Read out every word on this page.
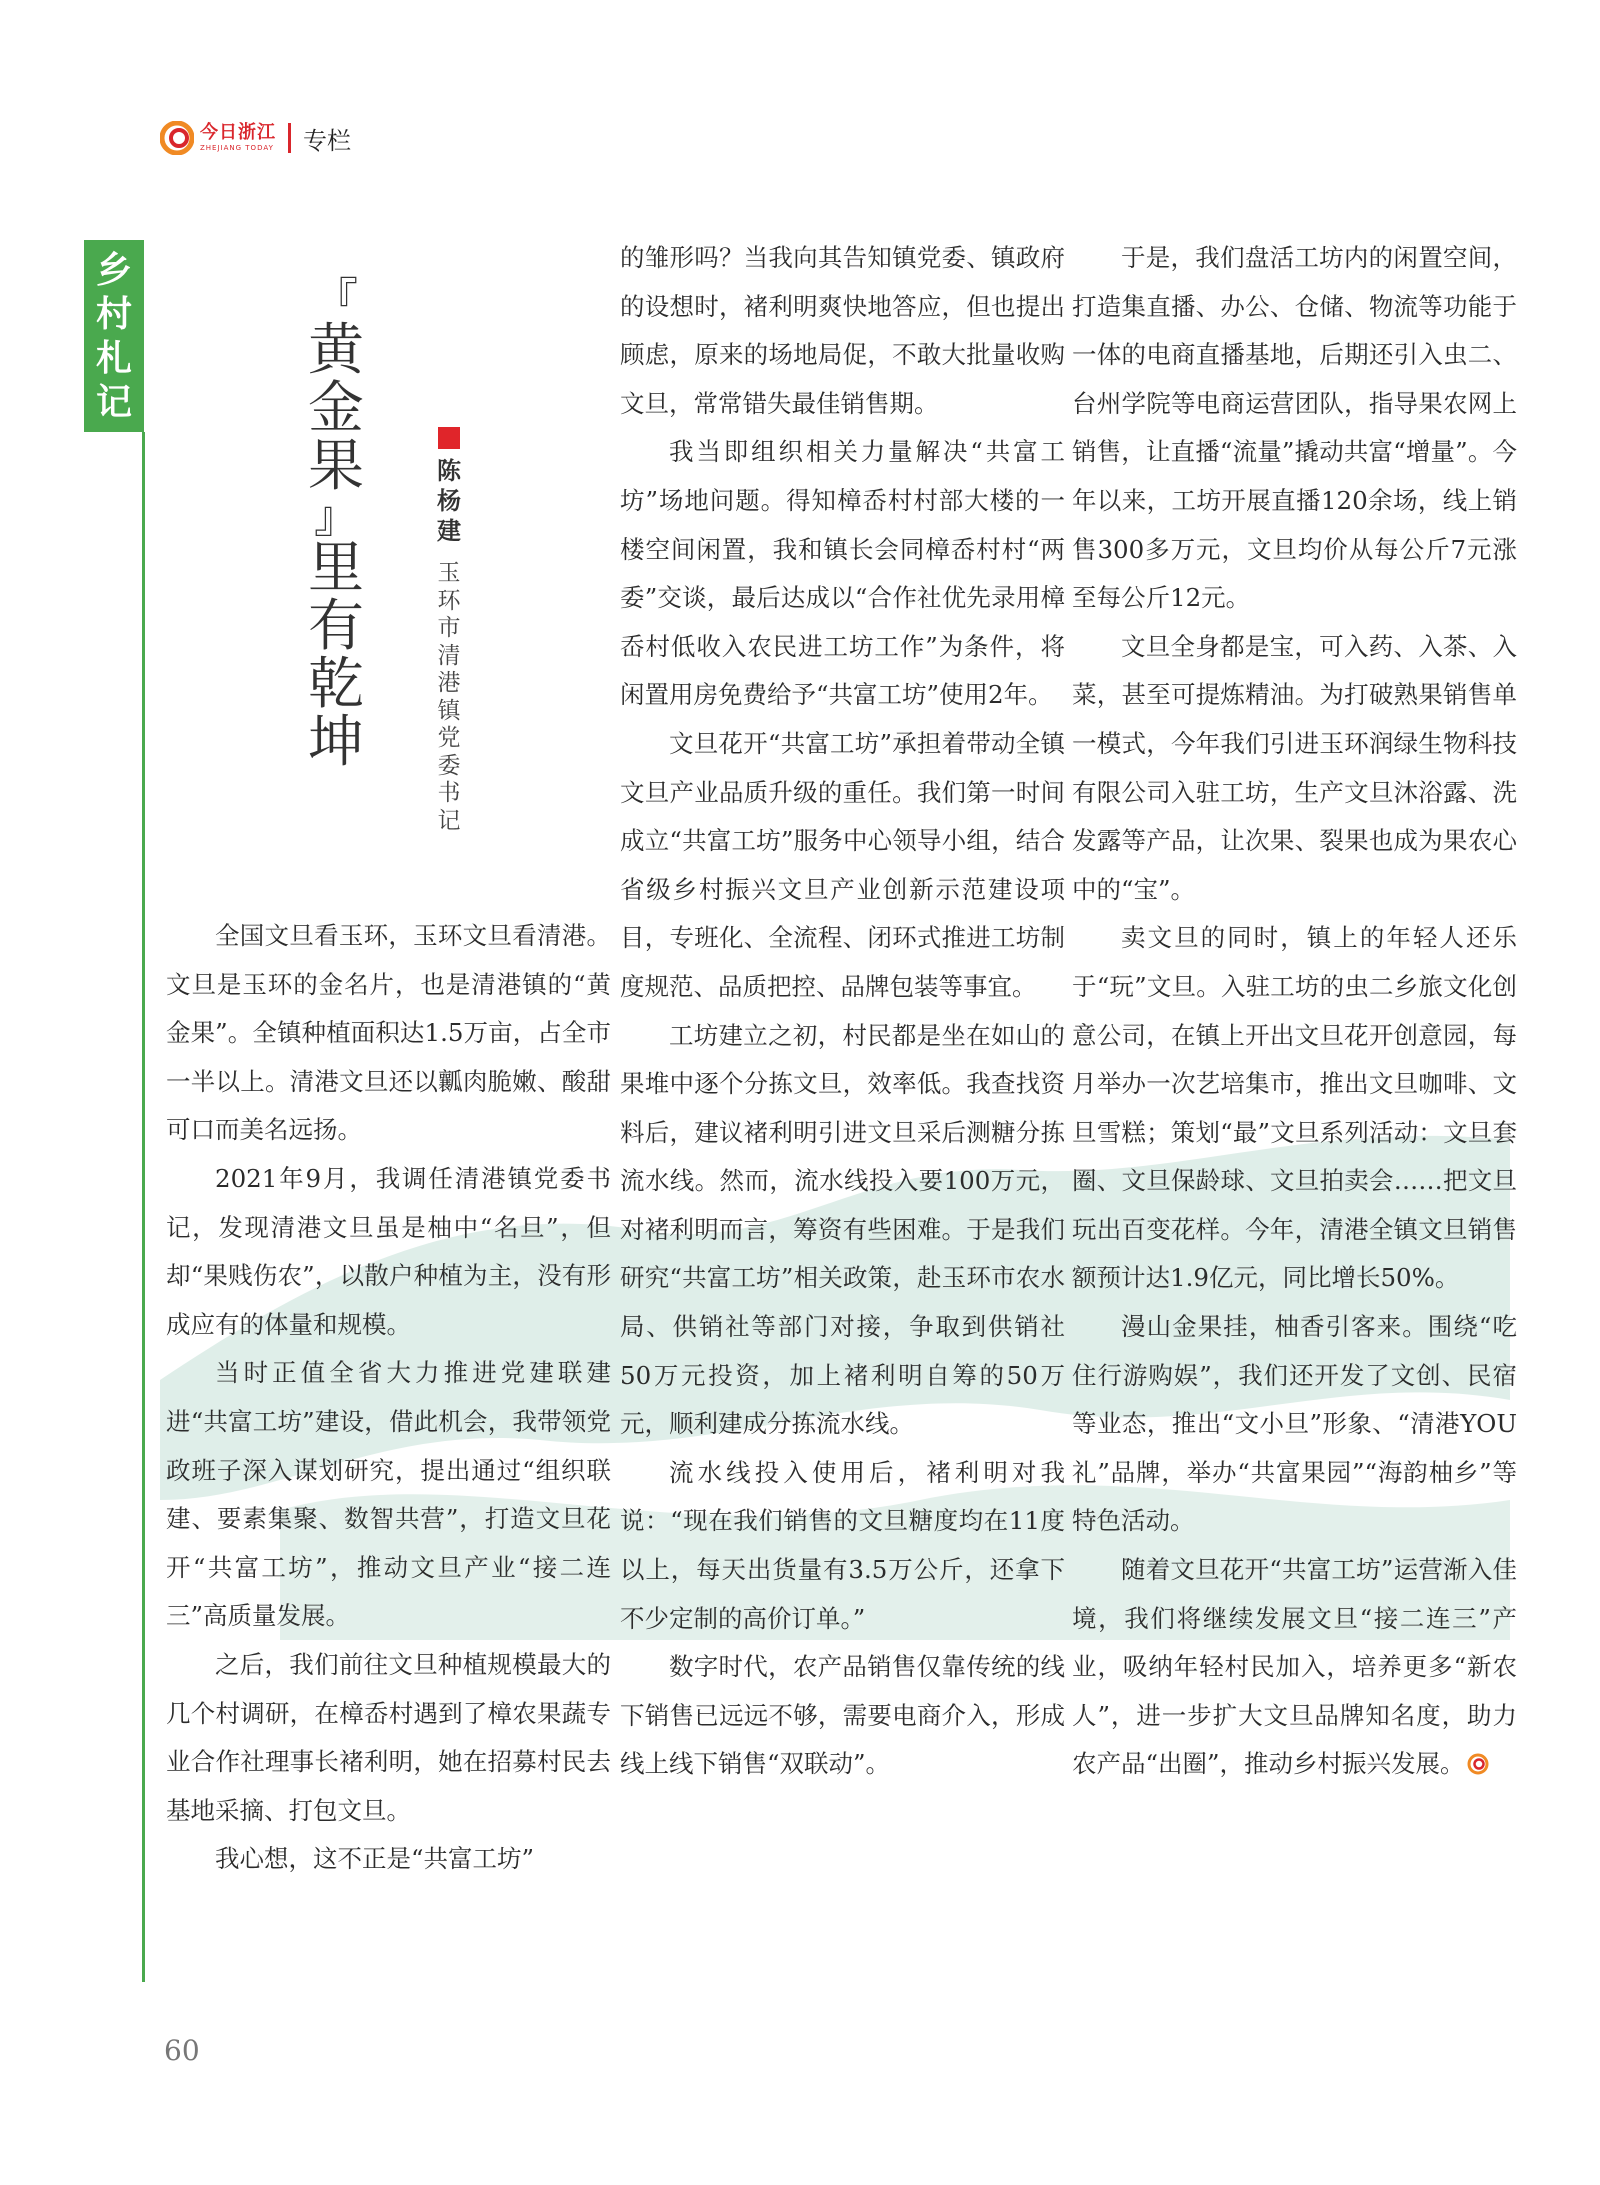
今日浙江
ZHEJIANG TODAY 专栏
乡
村
札
记
『
黄
金
果
』
里
有
乾
坤
陈
杨
建
玉
环
市
清
港
镇
党
委
书
记

全国文旦看玉环，玉环文旦看清港。文旦是玉环的金名片，也是清港镇的“黄金果”。全镇种植面积达1.5万亩，占全市一半以上。清港文旦还以瓤肉脆嫩、酸甜可口而美名远扬。

2021年9月，我调任清港镇党委书记，发现清港文旦虽是柚中“名旦”，但却“果贱伤农”，以散户种植为主，没有形成应有的体量和规模。

当时正值全省大力推进党建联建进“共富工坊”建设，借此机会，我带领党政班子深入谋划研究，提出通过“组织联建、要素集聚、数智共营”，打造文旦花开“共富工坊”，推动文旦产业“接二连三”高质量发展。

之后，我们前往文旦种植规模最大的几个村调研，在樟岙村遇到了樟农果蔬专业合作社理事长褚利明，她在招募村民去基地采摘、打包文旦。

我心想，这不正是“共富工坊”

的雏形吗？当我向其告知镇党委、镇政府的设想时，褚利明爽快地答应，但也提出顾虑，原来的场地局促，不敢大批量收购文旦，常常错失最佳销售期。

我当即组织相关力量解决“共富工坊”场地问题。得知樟岙村村部大楼的一楼空间闲置，我和镇长会同樟岙村村“两委”交谈，最后达成以“合作社优先录用樟岙村低收入农民进工坊工作”为条件，将闲置用房免费给予“共富工坊”使用2年。

文旦花开“共富工坊”承担着带动全镇文旦产业品质升级的重任。我们第一时间成立“共富工坊”服务中心领导小组，结合省级乡村振兴文旦产业创新示范建设项目，专班化、全流程、闭环式推进工坊制度规范、品质把控、品牌包装等事宜。

工坊建立之初，村民都是坐在如山的果堆中逐个分拣文旦，效率低。我查找资料后，建议褚利明引进文旦采后测糖分拣流水线。然而，流水线投入要100万元，对褚利明而言，筹资有些困难。于是我们研究“共富工坊”相关政策，赴玉环市农水局、供销社等部门对接，争取到供销社50万元投资，加上褚利明自筹的50万元，顺利建成分拣流水线。

流水线投入使用后，褚利明对我说：“现在我们销售的文旦糖度均在11度以上，每天出货量有3.5万公斤，还拿下不少定制的高价订单。”

数字时代，农产品销售仅靠传统的线下销售已远远不够，需要电商介入，形成线上线下销售“双联动”。

于是，我们盘活工坊内的闲置空间，打造集直播、办公、仓储、物流等功能于一体的电商直播基地，后期还引入虫二、台州学院等电商运营团队，指导果农网上销售，让直播“流量”撬动共富“增量”。今年以来，工坊开展直播120余场，线上销售300多万元，文旦均价从每公斤7元涨至每公斤12元。

文旦全身都是宝，可入药、入茶、入菜，甚至可提炼精油。为打破熟果销售单一模式，今年我们引进玉环润绿生物科技有限公司入驻工坊，生产文旦沐浴露、洗发露等产品，让次果、裂果也成为果农心中的“宝”。

卖文旦的同时，镇上的年轻人还乐于“玩”文旦。入驻工坊的虫二乡旅文化创意公司，在镇上开出文旦花开创意园，每月举办一次艺培集市，推出文旦咖啡、文旦雪糕；策划“最”文旦系列活动：文旦套圈、文旦保龄球、文旦拍卖会……把文旦玩出百变花样。今年，清港全镇文旦销售额预计达1.9亿元，同比增长50%。

漫山金果挂，柚香引客来。围绕“吃住行游购娱”，我们还开发了文创、民宿等业态，推出“文小旦”形象、“清港YOU礼”品牌，举办“共富果园”“海韵柚乡”等特色活动。

随着文旦花开“共富工坊”运营渐入佳境，我们将继续发展文旦“接二连三”产业，吸纳年轻村民加入，培养更多“新农人”，进一步扩大文旦品牌知名度，助力农产品“出圈”，推动乡村振兴发展。

60
